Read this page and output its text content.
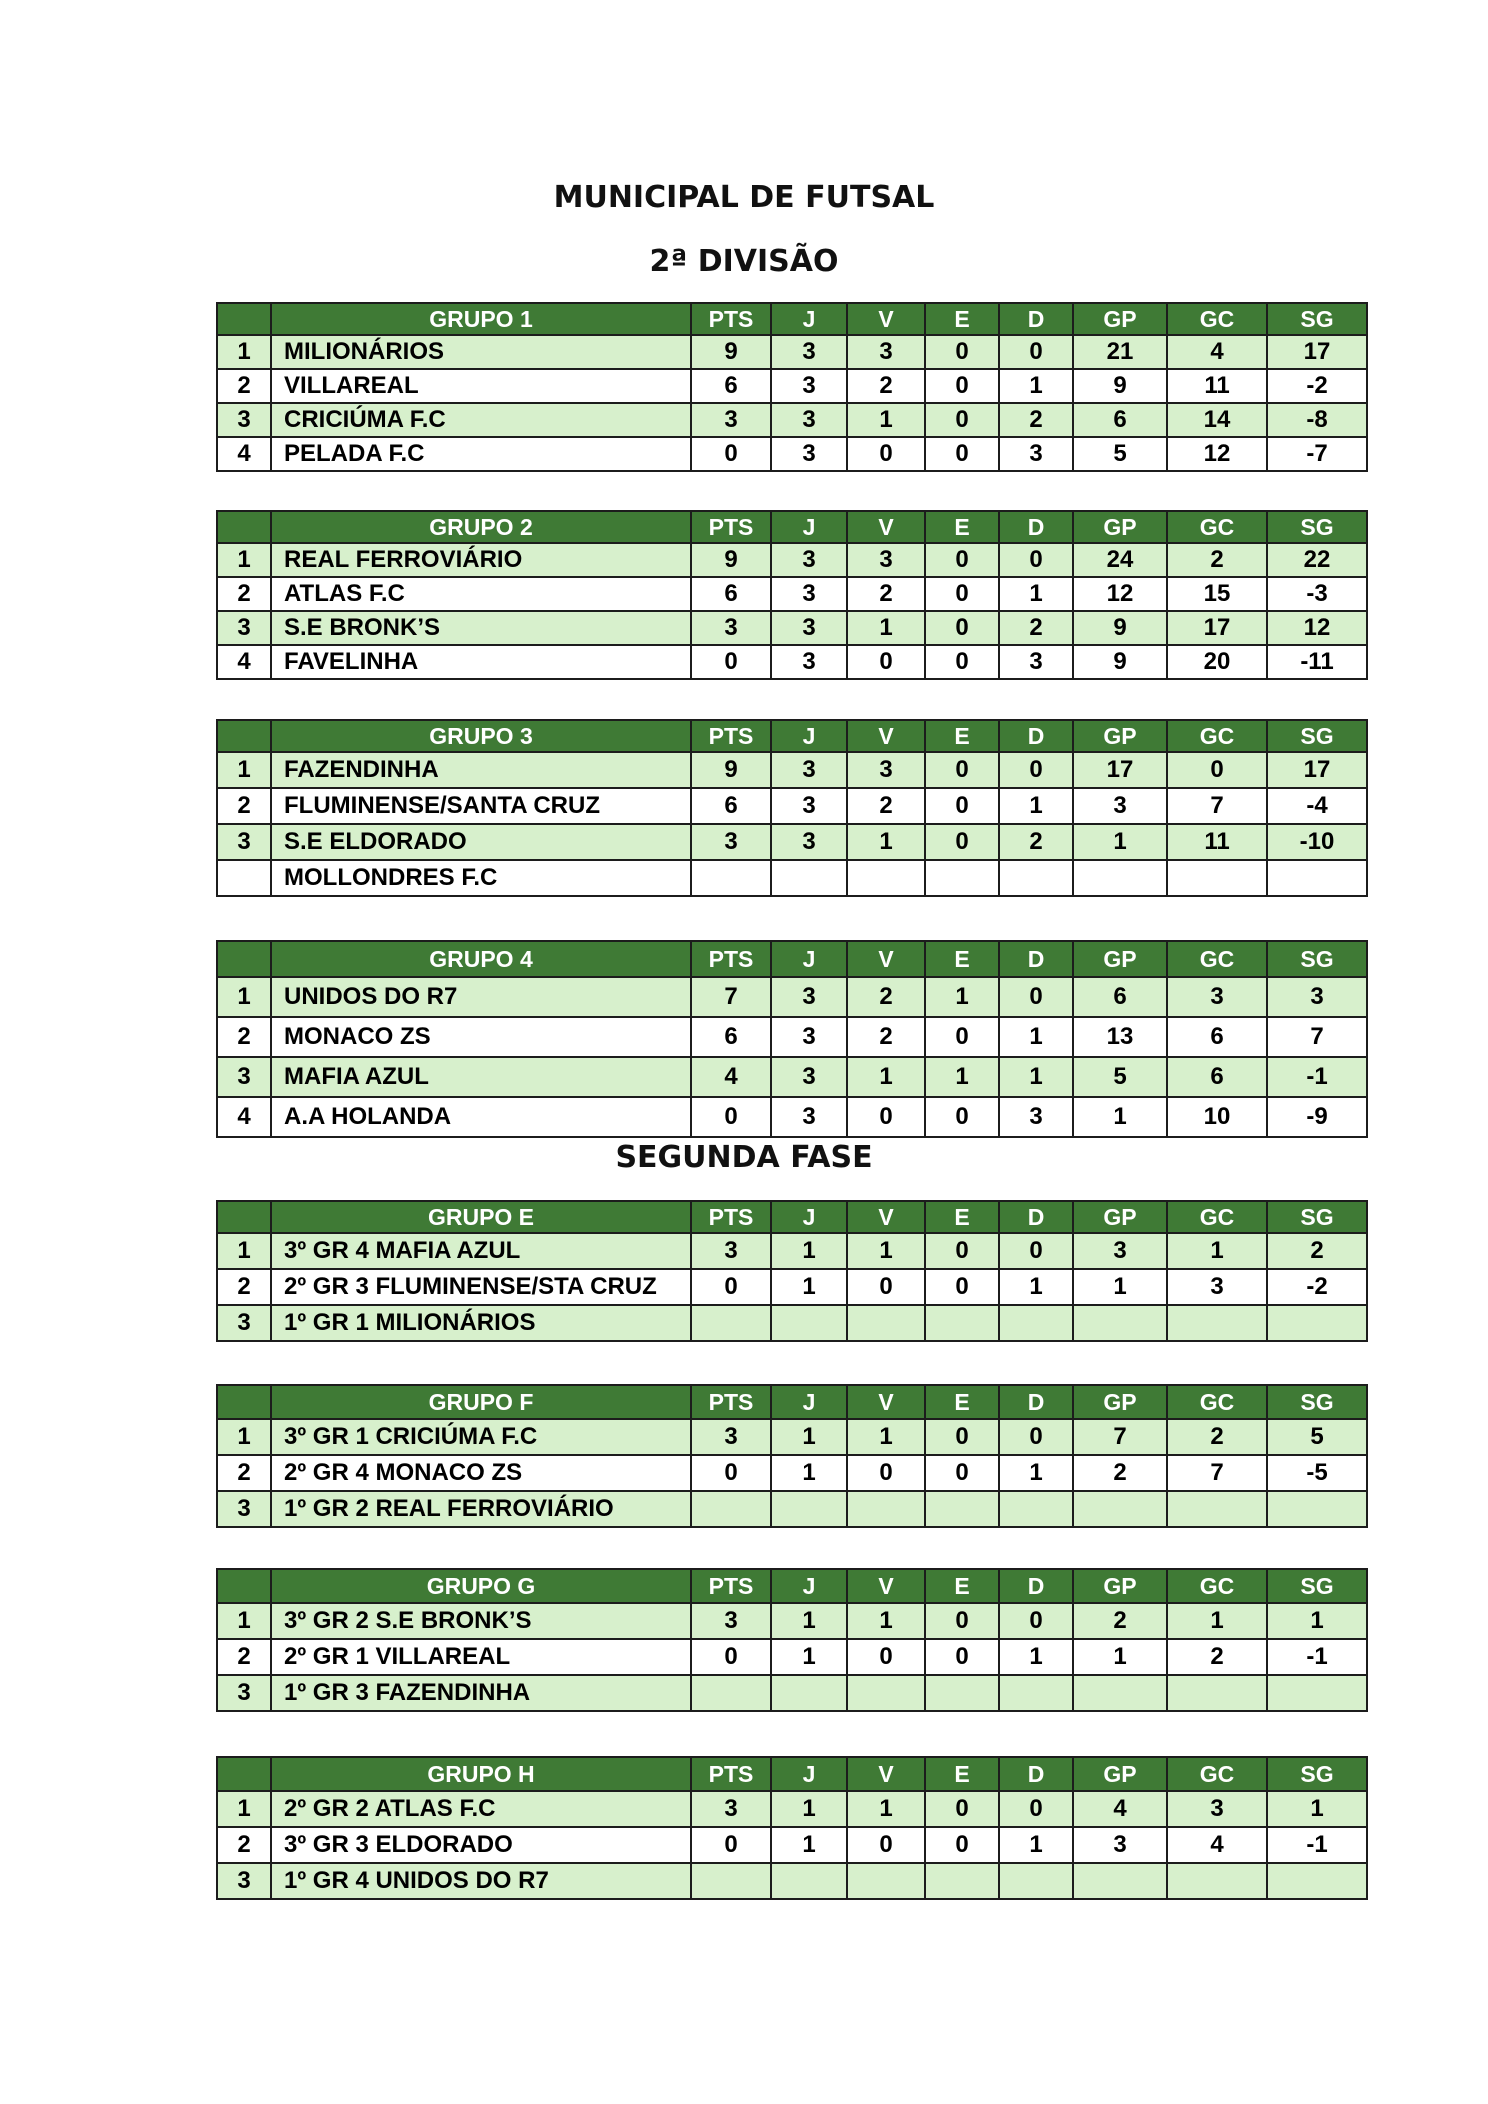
MUNICIPAL DE FUTSAL
2ª DIVISÃO
SEGUNDA FASE
	GRUPO 1	PTS	J	V	E	D	GP	GC	SG
1	MILIONÁRIOS	9	3	3	0	0	21	4	17
2	VILLAREAL	6	3	2	0	1	9	11	-2
3	CRICIÚMA F.C	3	3	1	0	2	6	14	-8
4	PELADA F.C	0	3	0	0	3	5	12	-7
	GRUPO 2	PTS	J	V	E	D	GP	GC	SG
1	REAL FERROVIÁRIO	9	3	3	0	0	24	2	22
2	ATLAS F.C	6	3	2	0	1	12	15	-3
3	S.E BRONK’S	3	3	1	0	2	9	17	12
4	FAVELINHA	0	3	0	0	3	9	20	-11
	GRUPO 3	PTS	J	V	E	D	GP	GC	SG
1	FAZENDINHA	9	3	3	0	0	17	0	17
2	FLUMINENSE/SANTA CRUZ	6	3	2	0	1	3	7	-4
3	S.E ELDORADO	3	3	1	0	2	1	11	-10
	MOLLONDRES F.C								
	GRUPO 4	PTS	J	V	E	D	GP	GC	SG
1	UNIDOS DO R7	7	3	2	1	0	6	3	3
2	MONACO ZS	6	3	2	0	1	13	6	7
3	MAFIA AZUL	4	3	1	1	1	5	6	-1
4	A.A HOLANDA	0	3	0	0	3	1	10	-9
	GRUPO E	PTS	J	V	E	D	GP	GC	SG
1	3º GR 4 MAFIA AZUL	3	1	1	0	0	3	1	2
2	2º GR 3 FLUMINENSE/STA CRUZ	0	1	0	0	1	1	3	-2
3	1º GR 1 MILIONÁRIOS								
	GRUPO F	PTS	J	V	E	D	GP	GC	SG
1	3º GR 1 CRICIÚMA F.C	3	1	1	0	0	7	2	5
2	2º GR 4 MONACO ZS	0	1	0	0	1	2	7	-5
3	1º GR 2 REAL FERROVIÁRIO								
	GRUPO G	PTS	J	V	E	D	GP	GC	SG
1	3º GR 2 S.E BRONK’S	3	1	1	0	0	2	1	1
2	2º GR 1 VILLAREAL	0	1	0	0	1	1	2	-1
3	1º GR 3 FAZENDINHA								
	GRUPO H	PTS	J	V	E	D	GP	GC	SG
1	2º GR 2 ATLAS F.C	3	1	1	0	0	4	3	1
2	3º GR 3 ELDORADO	0	1	0	0	1	3	4	-1
3	1º GR 4 UNIDOS DO R7								
